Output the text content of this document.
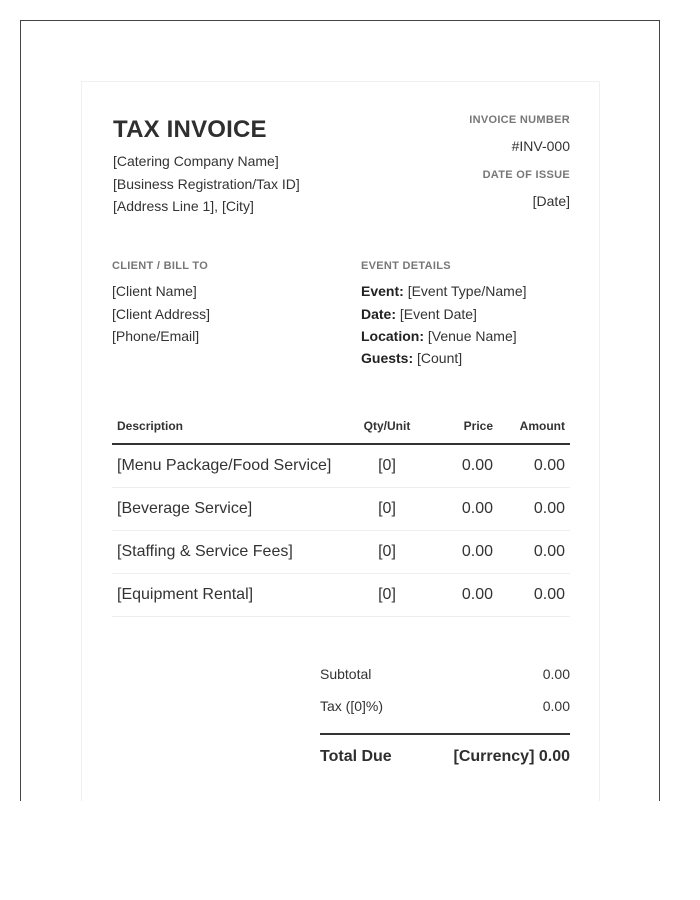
TAX INVOICE
[Catering Company Name]
[Business Registration/Tax ID]
[Address Line 1], [City]
INVOICE NUMBER
#INV-000
DATE OF ISSUE
[Date]
CLIENT / BILL TO
[Client Name]
[Client Address]
[Phone/Email]
EVENT DETAILS
Event: [Event Type/Name]
Date: [Event Date]
Location: [Venue Name]
Guests: [Count]
Description	Qty/Unit	Price	Amount
[Menu Package/Food Service]	[0]	0.00	0.00
[Beverage Service]	[0]	0.00	0.00
[Staffing & Service Fees]	[0]	0.00	0.00
[Equipment Rental]	[0]	0.00	0.00
Subtotal	0.00
Tax ([0]%)	0.00
Total Due	[Currency] 0.00
